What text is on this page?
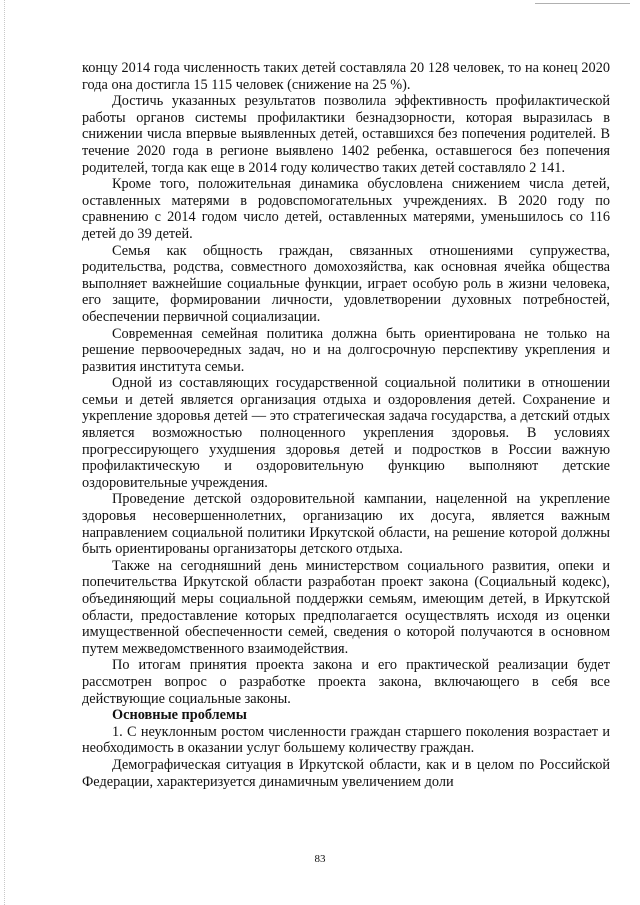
концу 2014 года численность таких детей составляла 20 128 человек, то на конец 2020 года она достигла 15 115 человек (снижение на 25 %).

Достичь указанных результатов позволила эффективность профилактической работы органов системы профилактики безнадзорности, которая выразилась в снижении числа впервые выявленных детей, оставшихся без попечения родителей. В течение 2020 года в регионе выявлено 1402 ребенка, оставшегося без попечения родителей, тогда как еще в 2014 году количество таких детей составляло 2 141.

Кроме того, положительная динамика обусловлена снижением числа детей, оставленных матерями в родовспомогательных учреждениях. В 2020 году по сравнению с 2014 годом число детей, оставленных матерями, уменьшилось со 116 детей до 39 детей.

Семья как общность граждан, связанных отношениями супружества, родительства, родства, совместного домохозяйства, как основная ячейка общества выполняет важнейшие социальные функции, играет особую роль в жизни человека, его защите, формировании личности, удовлетворении духовных потребностей, обеспечении первичной социализации.

Современная семейная политика должна быть ориентирована не только на решение первоочередных задач, но и на долгосрочную перспективу укрепления и развития института семьи.

Одной из составляющих государственной социальной политики в отношении семьи и детей является организация отдыха и оздоровления детей. Сохранение и укрепление здоровья детей — это стратегическая задача государства, а детский отдых является возможностью полноценного укрепления здоровья. В условиях прогрессирующего ухудшения здоровья детей и подростков в России важную профилактическую и оздоровительную функцию выполняют детские оздоровительные учреждения.

Проведение детской оздоровительной кампании, нацеленной на укрепление здоровья несовершеннолетних, организацию их досуга, является важным направлением социальной политики Иркутской области, на решение которой должны быть ориентированы организаторы детского отдыха.

Также на сегодняшний день министерством социального развития, опеки и попечительства Иркутской области разработан проект закона (Социальный кодекс), объединяющий меры социальной поддержки семьям, имеющим детей, в Иркутской области, предоставление которых предполагается осуществлять исходя из оценки имущественной обеспеченности семей, сведения о которой получаются в основном путем межведомственного взаимодействия.

По итогам принятия проекта закона и его практической реализации будет рассмотрен вопрос о разработке проекта закона, включающего в себя все действующие социальные законы.

Основные проблемы

1. С неуклонным ростом численности граждан старшего поколения возрастает и необходимость в оказании услуг большему количеству граждан.

Демографическая ситуация в Иркутской области, как и в целом по Российской Федерации, характеризуется динамичным увеличением доли

83
